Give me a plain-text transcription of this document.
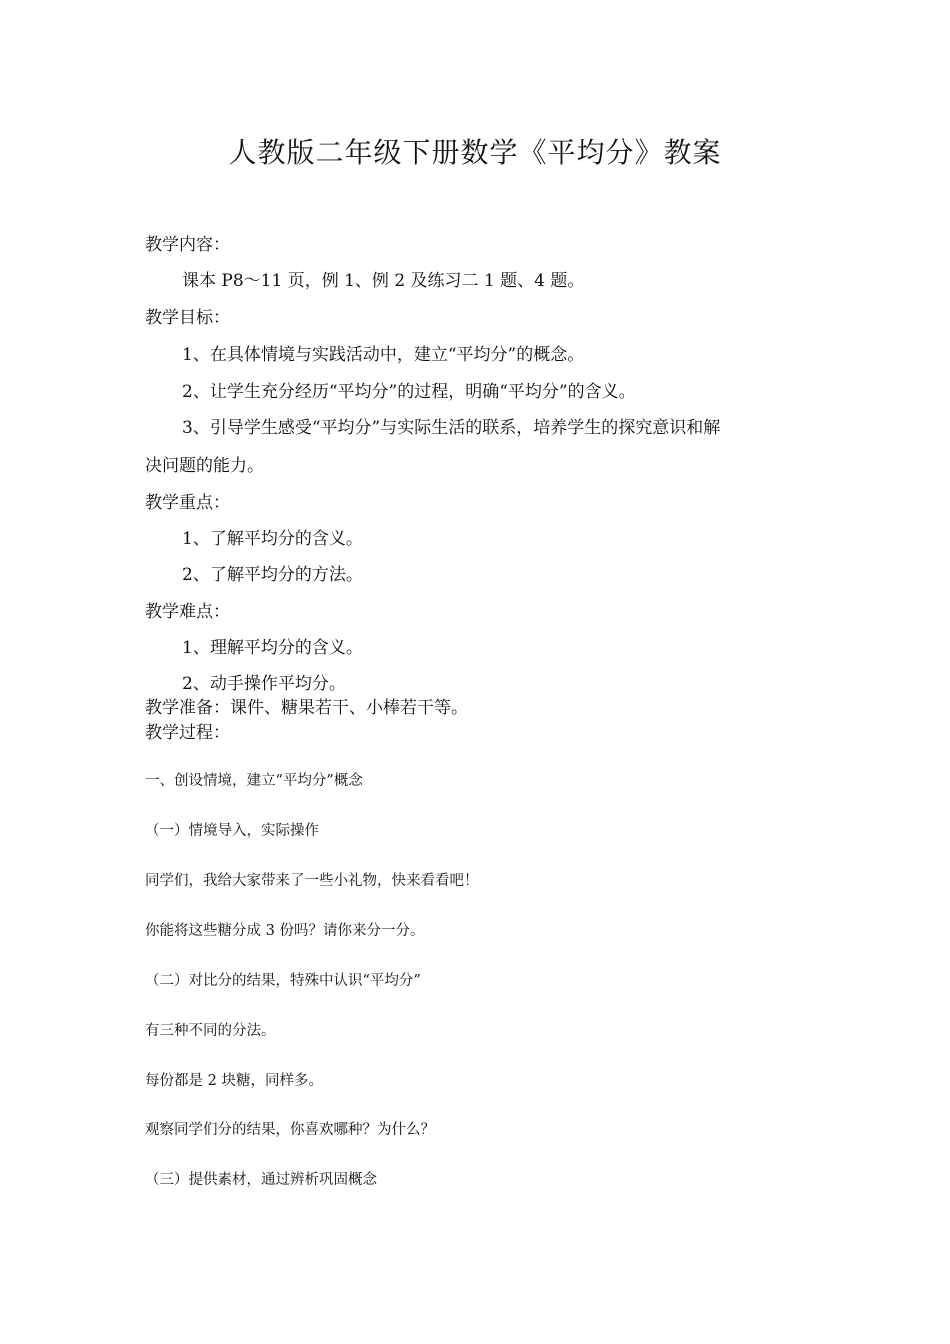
人教版二年级下册数学《平均分》教案
教学内容：
课本 P8～11 页，例 1、例 2 及练习二 1 题、4 题。
教学目标：
1、在具体情境与实践活动中，建立“平均分”的概念。
2、让学生充分经历“平均分”的过程，明确“平均分”的含义。
3、引导学生感受“平均分”与实际生活的联系，培养学生的探究意识和解
决问题的能力。
教学重点：
1、了解平均分的含义。
2、了解平均分的方法。
教学难点：
1、理解平均分的含义。
2、动手操作平均分。
教学准备：课件、糖果若干、小棒若干等。
教学过程：
一、创设情境，建立“平均分”概念
（一）情境导入，实际操作
同学们，我给大家带来了一些小礼物，快来看看吧！
你能将这些糖分成 3 份吗？请你来分一分。
（二）对比分的结果，特殊中认识“平均分”
有三种不同的分法。
每份都是 2 块糖，同样多。
观察同学们分的结果，你喜欢哪种？为什么？
（三）提供素材，通过辨析巩固概念
